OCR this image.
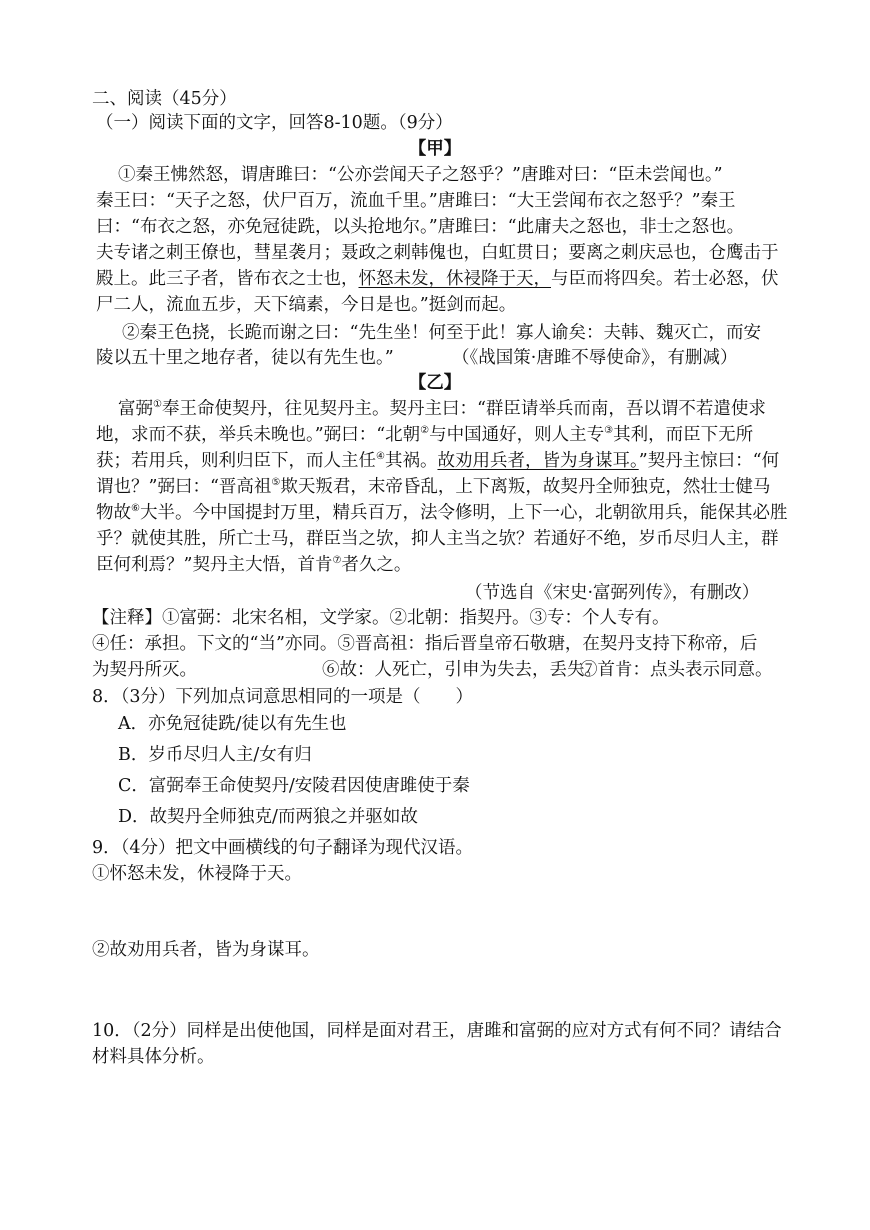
二、阅读（45分）
（一）阅读下面的文字，回答8-10题。（9分）
【甲】
①秦王怫然怒，谓唐雎曰：“公亦尝闻天子之怒乎？”唐雎对曰：“臣未尝闻也。”
秦王曰：“天子之怒，伏尸百万，流血千里。”唐雎曰：“大王尝闻布衣之怒乎？”秦王
曰：“布衣之怒，亦免冠徒跣，以头抢地尔。”唐雎曰：“此庸夫之怒也，非士之怒也。
夫专诸之刺王僚也，彗星袭月；聂政之刺韩傀也，白虹贯日；要离之刺庆忌也，仓鹰击于
殿上。此三子者，皆布衣之士也，怀怒未发，休祲降于天，与臣而将四矣。若士必怒，伏
尸二人，流血五步，天下缟素，今日是也。”挺剑而起。
②秦王色挠，长跪而谢之曰：“先生坐！何至于此！寡人谕矣：夫韩、魏灭亡，而安
陵以五十里之地存者，徒以有先生也。”	（《战国策·唐雎不辱使命》，有删减）
【乙】
富弼①奉王命使契丹，往见契丹主。契丹主曰：“群臣请举兵而南，吾以谓不若遣使求
地，求而不获，举兵未晚也。”弼曰：“北朝②与中国通好，则人主专③其利，而臣下无所
获；若用兵，则利归臣下，而人主任④其祸。故劝用兵者，皆为身谋耳。”契丹主惊曰：“何
谓也？”弼曰：“晋高祖⑤欺天叛君，末帝昏乱，上下离叛，故契丹全师独克，然壮士健马
物故⑥大半。今中国提封万里，精兵百万，法令修明，上下一心，北朝欲用兵，能保其必胜
乎？就使其胜，所亡士马，群臣当之欤，抑人主当之欤？若通好不绝，岁币尽归人主，群
臣何利焉？”契丹主大悟，首肯⑦者久之。
（节选自《宋史·富弼列传》，有删改）
【注释】①富弼：北宋名相，文学家。②北朝：指契丹。③专：个人专有。
④任：承担。下文的“当”亦同。⑤晋高祖：指后晋皇帝石敬瑭，在契丹支持下称帝，后
为契丹所灭。	⑥故：人死亡，引申为失去，丢失。
⑦首肯：点头表示同意。
8．（3分）下列加点词意思相同的一项是（　　）
A．亦免冠徒跣/徒以有先生也
B．岁币尽归人主/女有归
C．富弼奉王命使契丹/安陵君因使唐雎使于秦
D．故契丹全师独克/而两狼之并驱如故
9．（4分）把文中画横线的句子翻译为现代汉语。
①怀怒未发，休祲降于天。
②故劝用兵者，皆为身谋耳。
10．（2分）同样是出使他国，同样是面对君王，唐雎和富弼的应对方式有何不同？请结合
材料具体分析。
